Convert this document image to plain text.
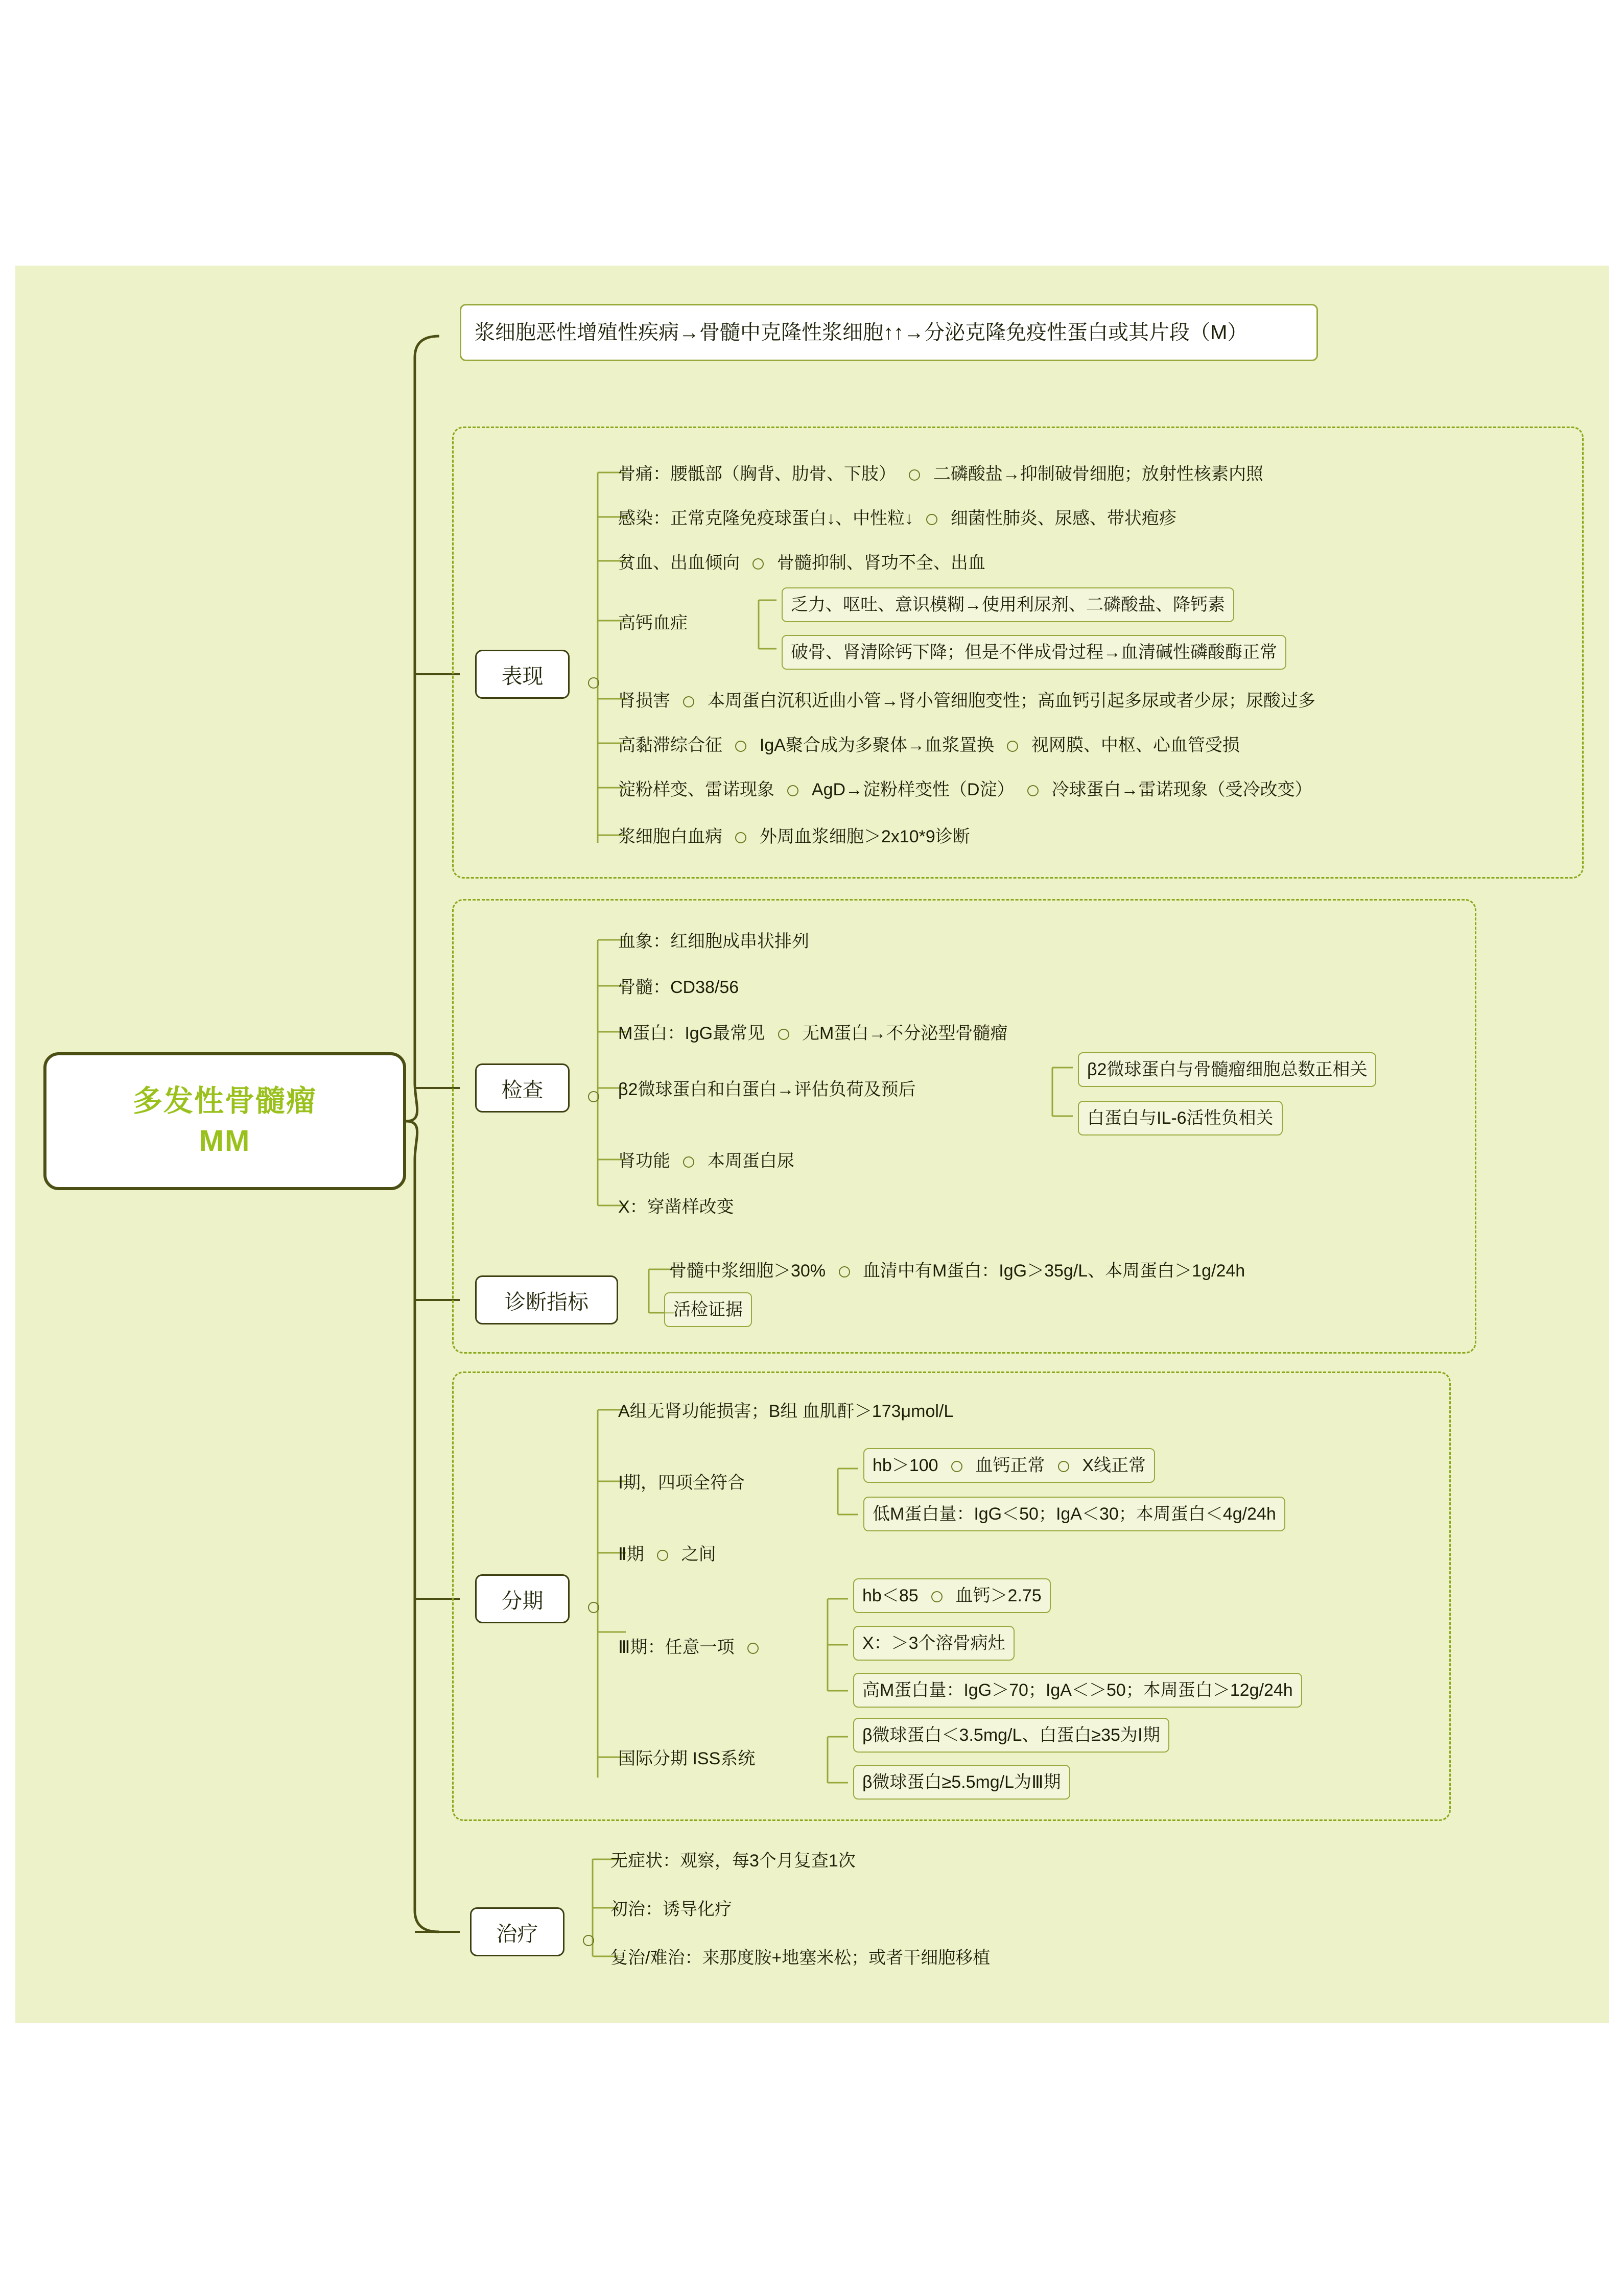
多发性骨髓瘤
MM
浆细胞恶性增殖性疾病→骨髓中克隆性浆细胞↑↑→分泌克隆免疫性蛋白或其片段（M）
表现
检查
诊断指标
分期
治疗
骨痛：腰骶部（胸背、肋骨、下肢） 二磷酸盐→抑制破骨细胞；放射性核素内照
感染：正常克隆免疫球蛋白↓、中性粒↓ 细菌性肺炎、尿感、带状疱疹
贫血、出血倾向 骨髓抑制、肾功不全、出血
高钙血症
乏力、呕吐、意识模糊→使用利尿剂、二磷酸盐、降钙素
破骨、肾清除钙下降；但是不伴成骨过程→血清碱性磷酸酶正常
肾损害 本周蛋白沉积近曲小管→肾小管细胞变性；高血钙引起多尿或者少尿；尿酸过多
高黏滞综合征 IgA聚合成为多聚体→血浆置换 视网膜、中枢、心血管受损
淀粉样变、雷诺现象 AgD→淀粉样变性（D淀） 冷球蛋白→雷诺现象（受冷改变）
浆细胞白血病 外周血浆细胞＞2x10*9诊断
血象：红细胞成串状排列
骨髓：CD38/56
M蛋白：IgG最常见 无M蛋白→不分泌型骨髓瘤
β2微球蛋白和白蛋白→评估负荷及预后
β2微球蛋白与骨髓瘤细胞总数正相关
白蛋白与IL-6活性负相关
肾功能 本周蛋白尿
X：穿凿样改变
骨髓中浆细胞＞30% 血清中有M蛋白：IgG＞35g/L、本周蛋白＞1g/24h
活检证据
A组无肾功能损害；B组 血肌酐＞173μmol/L
Ⅰ期，四项全符合
hb＞100 血钙正常 X线正常
低M蛋白量：IgG＜50；IgA＜30；本周蛋白＜4g/24h
Ⅱ期 之间
Ⅲ期：任意一项
hb＜85 血钙＞2.75
X：＞3个溶骨病灶
高M蛋白量：IgG＞70；IgA＜＞50；本周蛋白＞12g/24h
国际分期 ISS系统
β微球蛋白＜3.5mg/L、白蛋白≥35为Ⅰ期
β微球蛋白≥5.5mg/L为Ⅲ期
无症状：观察，每3个月复查1次
初治：诱导化疗
复治/难治：来那度胺+地塞米松；或者干细胞移植
